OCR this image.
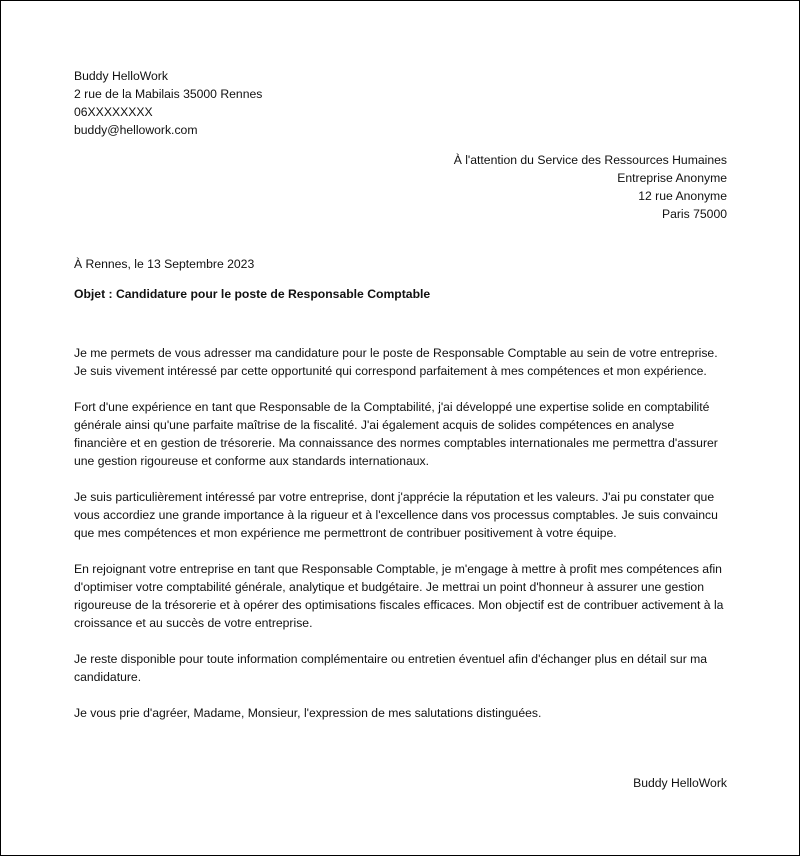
Buddy HelloWork
2 rue de la Mabilais 35000 Rennes
06XXXXXXXX
buddy@hellowork.com
À l'attention du Service des Ressources Humaines
Entreprise Anonyme
12 rue Anonyme
Paris 75000
À Rennes, le 13 Septembre 2023
Objet : Candidature pour le poste de Responsable Comptable

Je me permets de vous adresser ma candidature pour le poste de Responsable Comptable au sein de votre entreprise. Je suis vivement intéressé par cette opportunité qui correspond parfaitement à mes compétences et mon expérience.

Fort d'une expérience en tant que Responsable de la Comptabilité, j'ai développé une expertise solide en comptabilité générale ainsi qu'une parfaite maîtrise de la fiscalité. J'ai également acquis de solides compétences en analyse financière et en gestion de trésorerie. Ma connaissance des normes comptables internationales me permettra d'assurer une gestion rigoureuse et conforme aux standards internationaux.

Je suis particulièrement intéressé par votre entreprise, dont j'apprécie la réputation et les valeurs. J'ai pu constater que vous accordiez une grande importance à la rigueur et à l'excellence dans vos processus comptables. Je suis convaincu que mes compétences et mon expérience me permettront de contribuer positivement à votre équipe.

En rejoignant votre entreprise en tant que Responsable Comptable, je m'engage à mettre à profit mes compétences afin d'optimiser votre comptabilité générale, analytique et budgétaire. Je mettrai un point d'honneur à assurer une gestion rigoureuse de la trésorerie et à opérer des optimisations fiscales efficaces. Mon objectif est de contribuer activement à la croissance et au succès de votre entreprise.

Je reste disponible pour toute information complémentaire ou entretien éventuel afin d'échanger plus en détail sur ma candidature.

Je vous prie d'agréer, Madame, Monsieur, l'expression de mes salutations distinguées.

Buddy HelloWork
